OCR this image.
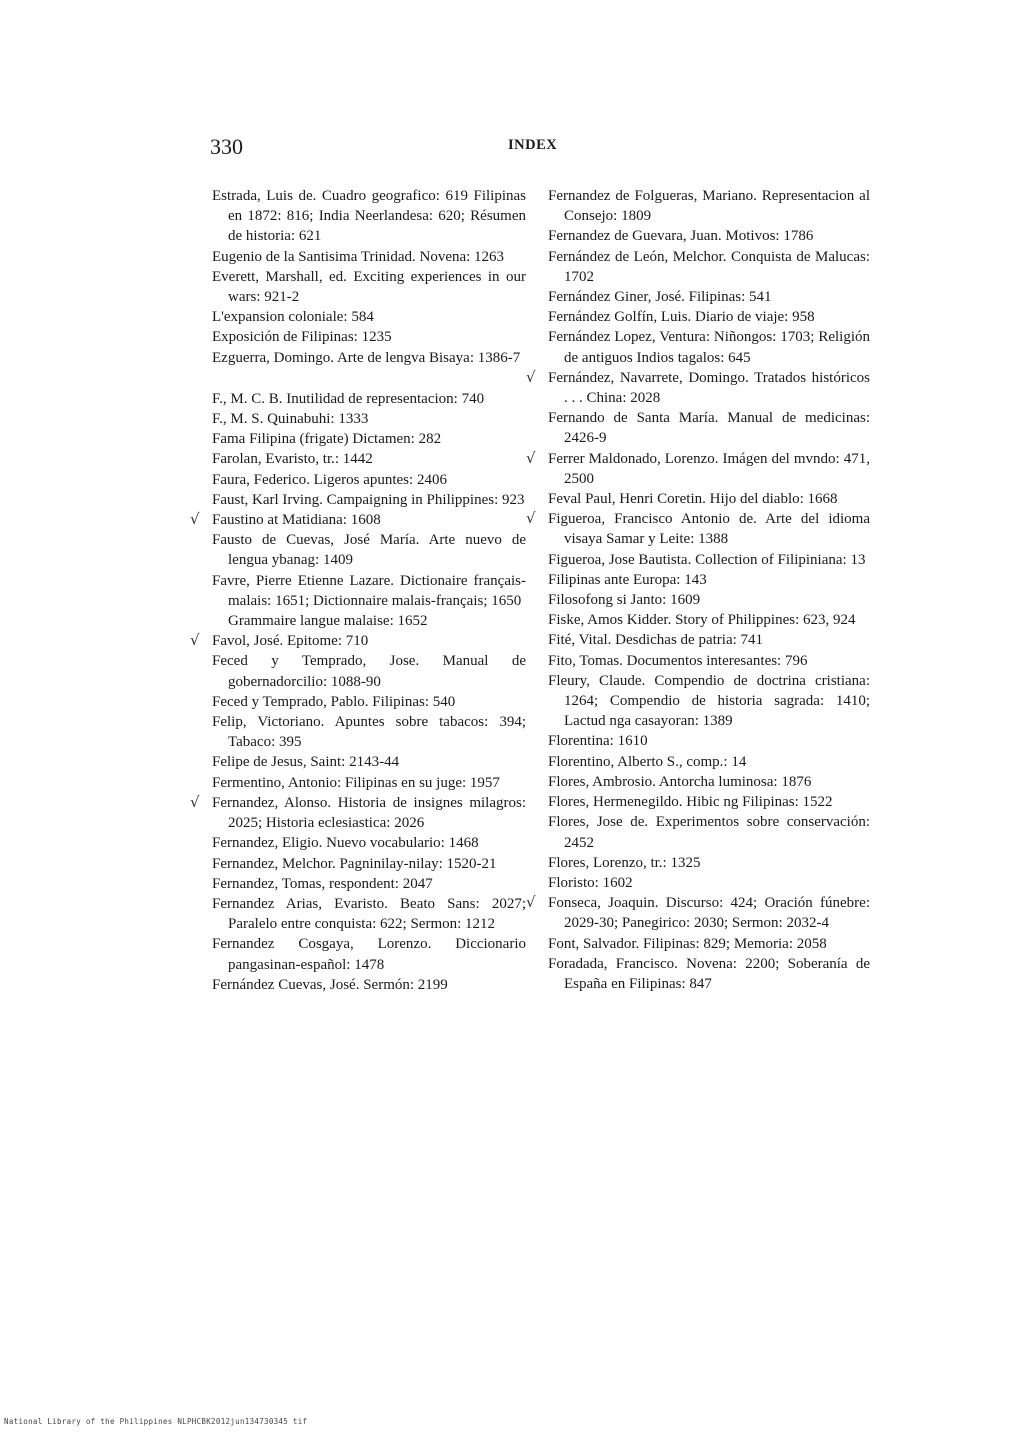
330	INDEX
Estrada, Luis de. Cuadro geografico: 619 Filipinas en 1872: 816; India Neerlandesa: 620; Résumen de historia: 621
Eugenio de la Santisima Trinidad. Novena: 1263
Everett, Marshall, ed. Exciting experiences in our wars: 921-2
L'expansion coloniale: 584
Exposición de Filipinas: 1235
Ezguerra, Domingo. Arte de lengva Bisaya: 1386-7
F., M. C. B. Inutilidad de representacion: 740
F., M. S. Quinabuhi: 1333
Fama Filipina (frigate) Dictamen: 282
Farolan, Evaristo, tr.: 1442
Faura, Federico. Ligeros apuntes: 2406
Faust, Karl Irving. Campaigning in Philippines: 923
√ Faustino at Matidiana: 1608
Fausto de Cuevas, José María. Arte nuevo de lengua ybanag: 1409
Favre, Pierre Etienne Lazare. Dictionaire français-malais: 1651; Dictionnaire malais-français; 1650
Grammaire langue malaise: 1652
√ Favol, José. Epitome: 710
Feced y Temprado, Jose. Manual de gobernadorcilio: 1088-90
Feced y Temprado, Pablo. Filipinas: 540
Felip, Victoriano. Apuntes sobre tabacos: 394; Tabaco: 395
Felipe de Jesus, Saint: 2143-44
Fermentino, Antonio: Filipinas en su juge: 1957
√ Fernandez, Alonso. Historia de insignes milagros: 2025; Historia eclesiastica: 2026
Fernandez, Eligio. Nuevo vocabulario: 1468
Fernandez, Melchor. Pagninilay-nilay: 1520-21
Fernandez, Tomas, respondent: 2047
Fernandez Arias, Evaristo. Beato Sans: 2027; Paralelo entre conquista: 622; Sermon: 1212
Fernandez Cosgaya, Lorenzo. Diccionario pangasinan-español: 1478
Fernández Cuevas, José. Sermón: 2199
Fernandez de Folgueras, Mariano. Representacion al Consejo: 1809
Fernandez de Guevara, Juan. Motivos: 1786
Fernández de León, Melchor. Conquista de Malucas: 1702
Fernández Giner, José. Filipinas: 541
Fernández Golfín, Luis. Diario de viaje: 958
Fernández Lopez, Ventura: Niñongos: 1703; Religión de antiguos Indios tagalos: 645
√ Fernández, Navarrete, Domingo. Tratados históricos . . . China: 2028
Fernando de Santa María. Manual de medicinas: 2426-9
√ Ferrer Maldonado, Lorenzo. Imágen del mvndo: 471, 2500
Feval Paul, Henri Coretin. Hijo del diablo: 1668
√ Figueroa, Francisco Antonio de. Arte del idioma visaya Samar y Leite: 1388
Figueroa, Jose Bautista. Collection of Filipiniana: 13
Filipinas ante Europa: 143
Filosofong si Janto: 1609
Fiske, Amos Kidder. Story of Philippines: 623, 924
Fité, Vital. Desdichas de patria: 741
Fito, Tomas. Documentos interesantes: 796
Fleury, Claude. Compendio de doctrina cristiana: 1264; Compendio de historia sagrada: 1410; Lactud nga casayoran: 1389
Florentina: 1610
Florentino, Alberto S., comp.: 14
Flores, Ambrosio. Antorcha luminosa: 1876
Flores, Hermenegildo. Hibic ng Filipinas: 1522
Flores, Jose de. Experimentos sobre conservación: 2452
Flores, Lorenzo, tr.: 1325
Floristo: 1602
√ Fonseca, Joaquin. Discurso: 424; Oración fúnebre: 2029-30; Panegirico: 2030; Sermon: 2032-4
Font, Salvador. Filipinas: 829; Memoria: 2058
Foradada, Francisco. Novena: 2200; Soberanía de España en Filipinas: 847
National Library of the Philippines NLPHCBK2012jun134730345 tif
